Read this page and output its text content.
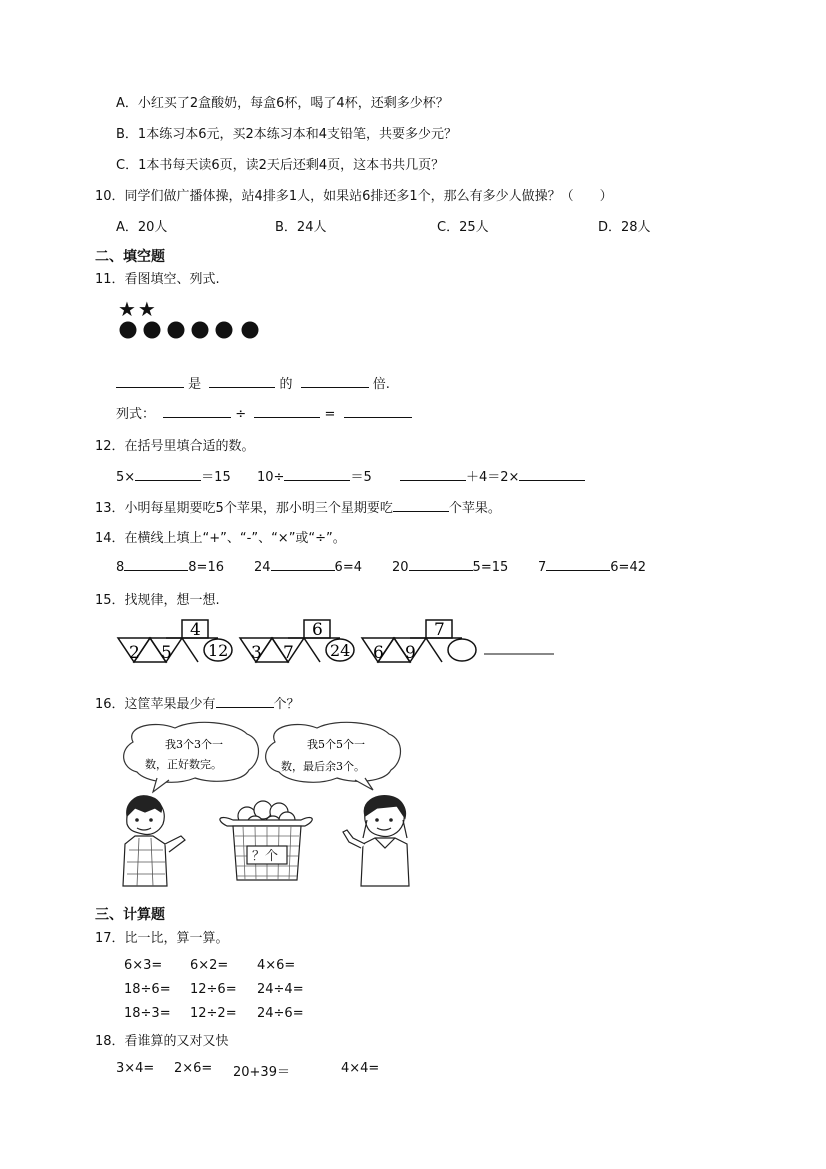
A．小红买了2盒酸奶，每盒6杯，喝了4杯，还剩多少杯？
B．1本练习本6元，买2本练习本和4支铅笔，共要多少元？
C．1本书每天读6页，读2天后还剩4页，这本书共几页？
10．同学们做广播体操，站4排多1人，如果站6排还多1个，那么有多少人做操？（　　）
A．20人	B．24人	C．25人	D．28人
二、填空题
11．看图填空、列式.
★★
是	的	倍.
列式：	÷	=
12．在括号里填合适的数。
5×	＝15 10÷	＝5	＋4＝2×
13．小明每星期要吃5个苹果，那小明三个星期要吃	个苹果。
14．在横线上填上“+”、“-”、“×”或“÷”。
8	8=16 24	6=4 20	5=15 7	6=42
15．找规律，想一想.
2 5
4
12 3 7
6
24 6 9
7
16．这筐苹果最少有	个？
我3个3个一
数，正好数完。
我5个5个一
数，最后余3个。
？个
三、计算题
17．比一比，算一算。
6×3= 6×2= 4×6=
18÷6= 12÷6= 24÷4=
18÷3= 12÷2= 24÷6=
18．看谁算的又对又快
3×4= 2×6= 20+39＝	4×4=
